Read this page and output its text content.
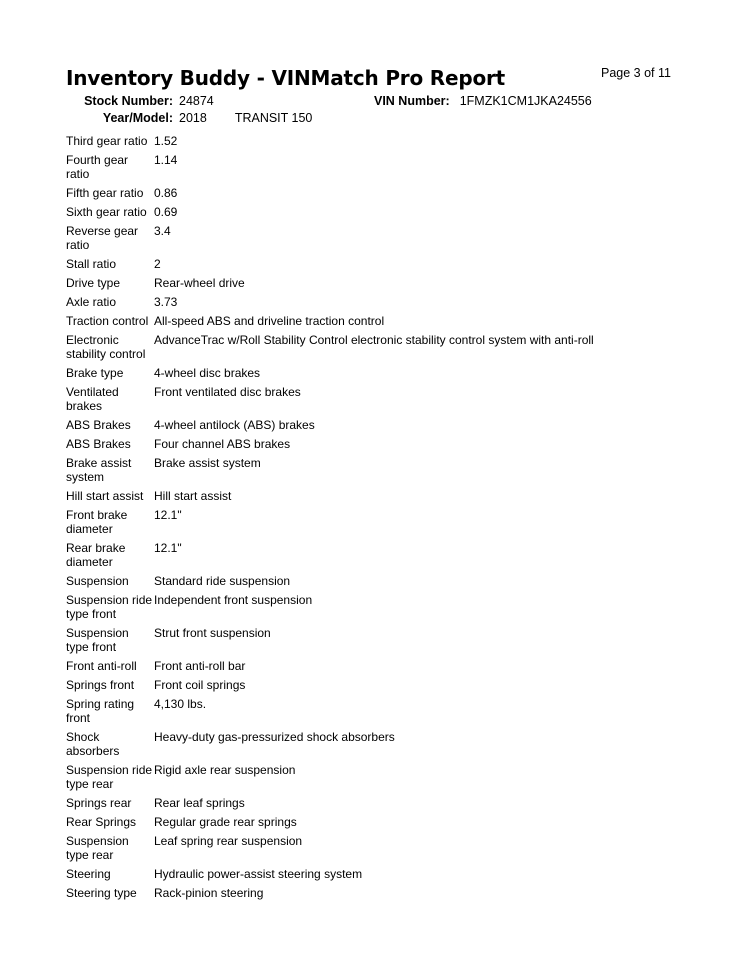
Page 3 of 11
Inventory Buddy - VINMatch Pro Report
Stock Number: 24874	VIN Number: 1FMZK1CM1JKA24556
Year/Model: 2018 TRANSIT 150
Third gear ratio	1.52
Fourth gear ratio	1.14
Fifth gear ratio	0.86
Sixth gear ratio	0.69
Reverse gear ratio	3.4
Stall ratio	2
Drive type	Rear-wheel drive
Axle ratio	3.73
Traction control	All-speed ABS and driveline traction control
Electronic stability control	AdvanceTrac w/Roll Stability Control electronic stability control system with anti-roll
Brake type	4-wheel disc brakes
Ventilated brakes	Front ventilated disc brakes
ABS Brakes	4-wheel antilock (ABS) brakes
ABS Brakes	Four channel ABS brakes
Brake assist system	Brake assist system
Hill start assist	Hill start assist
Front brake diameter	12.1"
Rear brake diameter	12.1"
Suspension	Standard ride suspension
Suspension ride type front	Independent front suspension
Suspension type front	Strut front suspension
Front anti-roll	Front anti-roll bar
Springs front	Front coil springs
Spring rating front	4,130 lbs.
Shock absorbers	Heavy-duty gas-pressurized shock absorbers
Suspension ride type rear	Rigid axle rear suspension
Springs rear	Rear leaf springs
Rear Springs	Regular grade rear springs
Suspension type rear	Leaf spring rear suspension
Steering	Hydraulic power-assist steering system
Steering type	Rack-pinion steering
